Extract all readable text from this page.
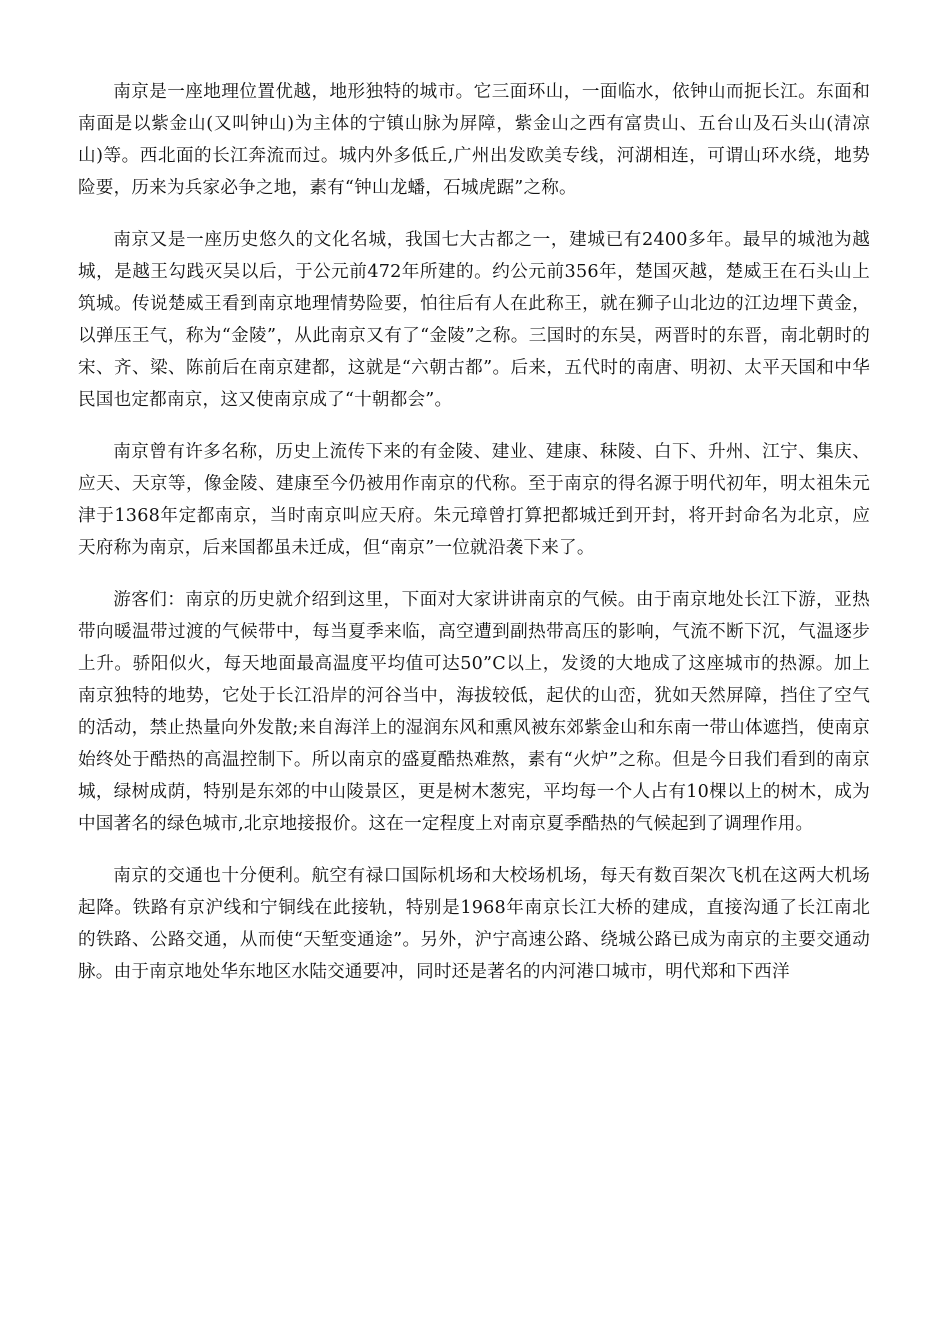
南京是一座地理位置优越，地形独特的城市。它三面环山，一面临水，依钟山而扼长江。东面和南面是以紫金山(又叫钟山)为主体的宁镇山脉为屏障，紫金山之西有富贵山、五台山及石头山(清凉山)等。西北面的长江奔流而过。城内外多低丘,广州出发欧美专线，河湖相连，可谓山环水绕，地势险要，历来为兵家必争之地，素有“钟山龙蟠，石城虎踞”之称。

南京又是一座历史悠久的文化名城，我国七大古都之一，建城已有2400多年。最早的城池为越城，是越王勾践灭吴以后，于公元前472年所建的。约公元前356年，楚国灭越，楚威王在石头山上筑城。传说楚威王看到南京地理情势险要，怕往后有人在此称王，就在狮子山北边的江边埋下黄金，以弹压王气，称为“金陵”，从此南京又有了“金陵”之称。三国时的东吴，两晋时的东晋，南北朝时的宋、齐、梁、陈前后在南京建都，这就是“六朝古都”。后来，五代时的南唐、明初、太平天国和中华民国也定都南京，这又使南京成了“十朝都会”。

南京曾有许多名称，历史上流传下来的有金陵、建业、建康、秣陵、白下、升州、江宁、集庆、应天、天京等，像金陵、建康至今仍被用作南京的代称。至于南京的得名源于明代初年，明太祖朱元津于1368年定都南京，当时南京叫应天府。朱元璋曾打算把都城迁到开封，将开封命名为北京，应天府称为南京，后来国都虽未迁成，但“南京”一位就沿袭下来了。

游客们：南京的历史就介绍到这里，下面对大家讲讲南京的气候。由于南京地处长江下游，亚热带向暖温带过渡的气候带中，每当夏季来临，高空遭到副热带高压的影响，气流不断下沉，气温逐步上升。骄阳似火，每天地面最高温度平均值可达50”C以上，发烫的大地成了这座城市的热源。加上南京独特的地势，它处于长江沿岸的河谷当中，海拔较低，起伏的山峦，犹如天然屏障，挡住了空气的活动，禁止热量向外发散;来自海洋上的湿润东风和熏风被东郊紫金山和东南一带山体遮挡，使南京始终处于酷热的高温控制下。所以南京的盛夏酷热难熬，素有“火炉”之称。但是今日我们看到的南京城，绿树成荫，特别是东郊的中山陵景区，更是树木葱宪，平均每一个人占有10棵以上的树木，成为中国著名的绿色城市,北京地接报价。这在一定程度上对南京夏季酷热的气候起到了调理作用。

南京的交通也十分便利。航空有禄口国际机场和大校场机场，每天有数百架次飞机在这两大机场起降。铁路有京沪线和宁铜线在此接轨，特别是1968年南京长江大桥的建成，直接沟通了长江南北的铁路、公路交通，从而使“天堑变通途”。另外，沪宁高速公路、绕城公路已成为南京的主要交通动脉。由于南京地处华东地区水陆交通要冲，同时还是著名的内河港口城市，明代郑和下西洋
